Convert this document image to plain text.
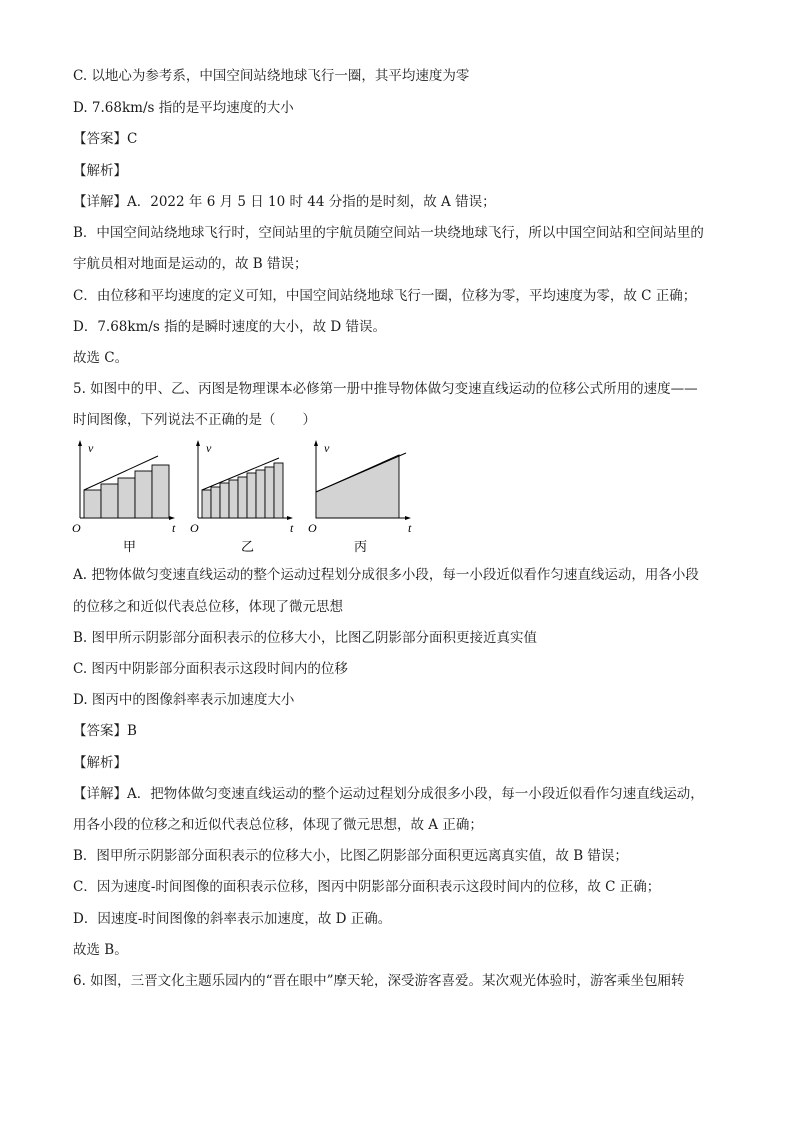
C. 以地心为参考系，中国空间站绕地球飞行一圈，其平均速度为零
D. 7.68km/s 指的是平均速度的大小
【答案】C
【解析】
【详解】A．2022 年 6 月 5 日 10 时 44 分指的是时刻，故 A 错误；
B．中国空间站绕地球飞行时，空间站里的宇航员随空间站一块绕地球飞行，所以中国空间站和空间站里的
宇航员相对地面是运动的，故 B 错误；
C．由位移和平均速度的定义可知，中国空间站绕地球飞行一圈，位移为零，平均速度为零，故 C 正确；
D．7.68km/s 指的是瞬时速度的大小，故 D 错误。
故选 C。
5. 如图中的甲、乙、丙图是物理课本必修第一册中推导物体做匀变速直线运动的位移公式所用的速度——
时间图像，下列说法不正确的是（　　）
v
O	t
甲
v
O	t
乙
v
O	t
丙
A. 把物体做匀变速直线运动的整个运动过程划分成很多小段，每一小段近似看作匀速直线运动，用各小段
的位移之和近似代表总位移，体现了微元思想
B. 图甲所示阴影部分面积表示的位移大小，比图乙阴影部分面积更接近真实值
C. 图丙中阴影部分面积表示这段时间内的位移
D. 图丙中的图像斜率表示加速度大小
【答案】B
【解析】
【详解】A．把物体做匀变速直线运动的整个运动过程划分成很多小段，每一小段近似看作匀速直线运动，
用各小段的位移之和近似代表总位移，体现了微元思想，故 A 正确；
B．图甲所示阴影部分面积表示的位移大小，比图乙阴影部分面积更远离真实值，故 B 错误；
C．因为速度-时间图像的面积表示位移，图丙中阴影部分面积表示这段时间内的位移，故 C 正确；
D．因速度-时间图像的斜率表示加速度，故 D 正确。
故选 B。
6. 如图，三晋文化主题乐园内的“晋在眼中”摩天轮，深受游客喜爱。某次观光体验时，游客乘坐包厢转
